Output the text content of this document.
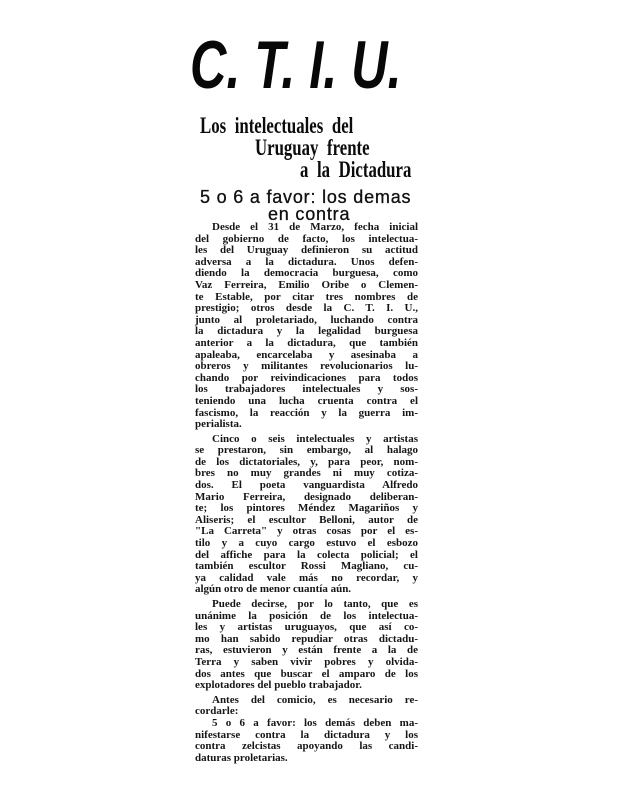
C. T. I. U.
Los intelectuales del
Uruguay frente
a la Dictadura
5 o 6 a favor: los demas
en contra
Desde el 31 de Marzo, fecha inicial
del gobierno de facto, los intelectua-
les del Uruguay definieron su actitud
adversa a la dictadura. Unos defen-
diendo la democracia burguesa, como
Vaz Ferreira, Emilio Oribe o Clemen-
te Estable, por citar tres nombres de
prestigio; otros desde la C. T. I. U.,
junto al proletariado, luchando contra
la dictadura y la legalidad burguesa
anterior a la dictadura, que también
apaleaba, encarcelaba y asesinaba a
obreros y militantes revolucionarios lu-
chando por reivindicaciones para todos
los trabajadores intelectuales y sos-
teniendo una lucha cruenta contra el
fascismo, la reacción y la guerra im-
perialista.
Cinco o seis intelectuales y artistas
se prestaron, sin embargo, al halago
de los dictatoriales, y, para peor, nom-
bres no muy grandes ni muy cotiza-
dos. El poeta vanguardista Alfredo
Mario Ferreira, designado deliberan-
te; los pintores Méndez Magariños y
Aliseris; el escultor Belloni, autor de
"La Carreta" y otras cosas por el es-
tilo y a cuyo cargo estuvo el esbozo
del affiche para la colecta policial; el
también escultor Rossi Magliano, cu-
ya calidad vale más no recordar, y
algún otro de menor cuantía aún.
Puede decirse, por lo tanto, que es
unánime la posición de los intelectua-
les y artistas uruguayos, que así co-
mo han sabido repudiar otras dictadu-
ras, estuvieron y están frente a la de
Terra y saben vivir pobres y olvida-
dos antes que buscar el amparo de los
explotadores del pueblo trabajador.
Antes del comicio, es necesario re-
cordarle:
5 o 6 a favor: los demás deben ma-
nifestarse contra la dictadura y los
contra zelcistas apoyando las candi-
daturas proletarias.
